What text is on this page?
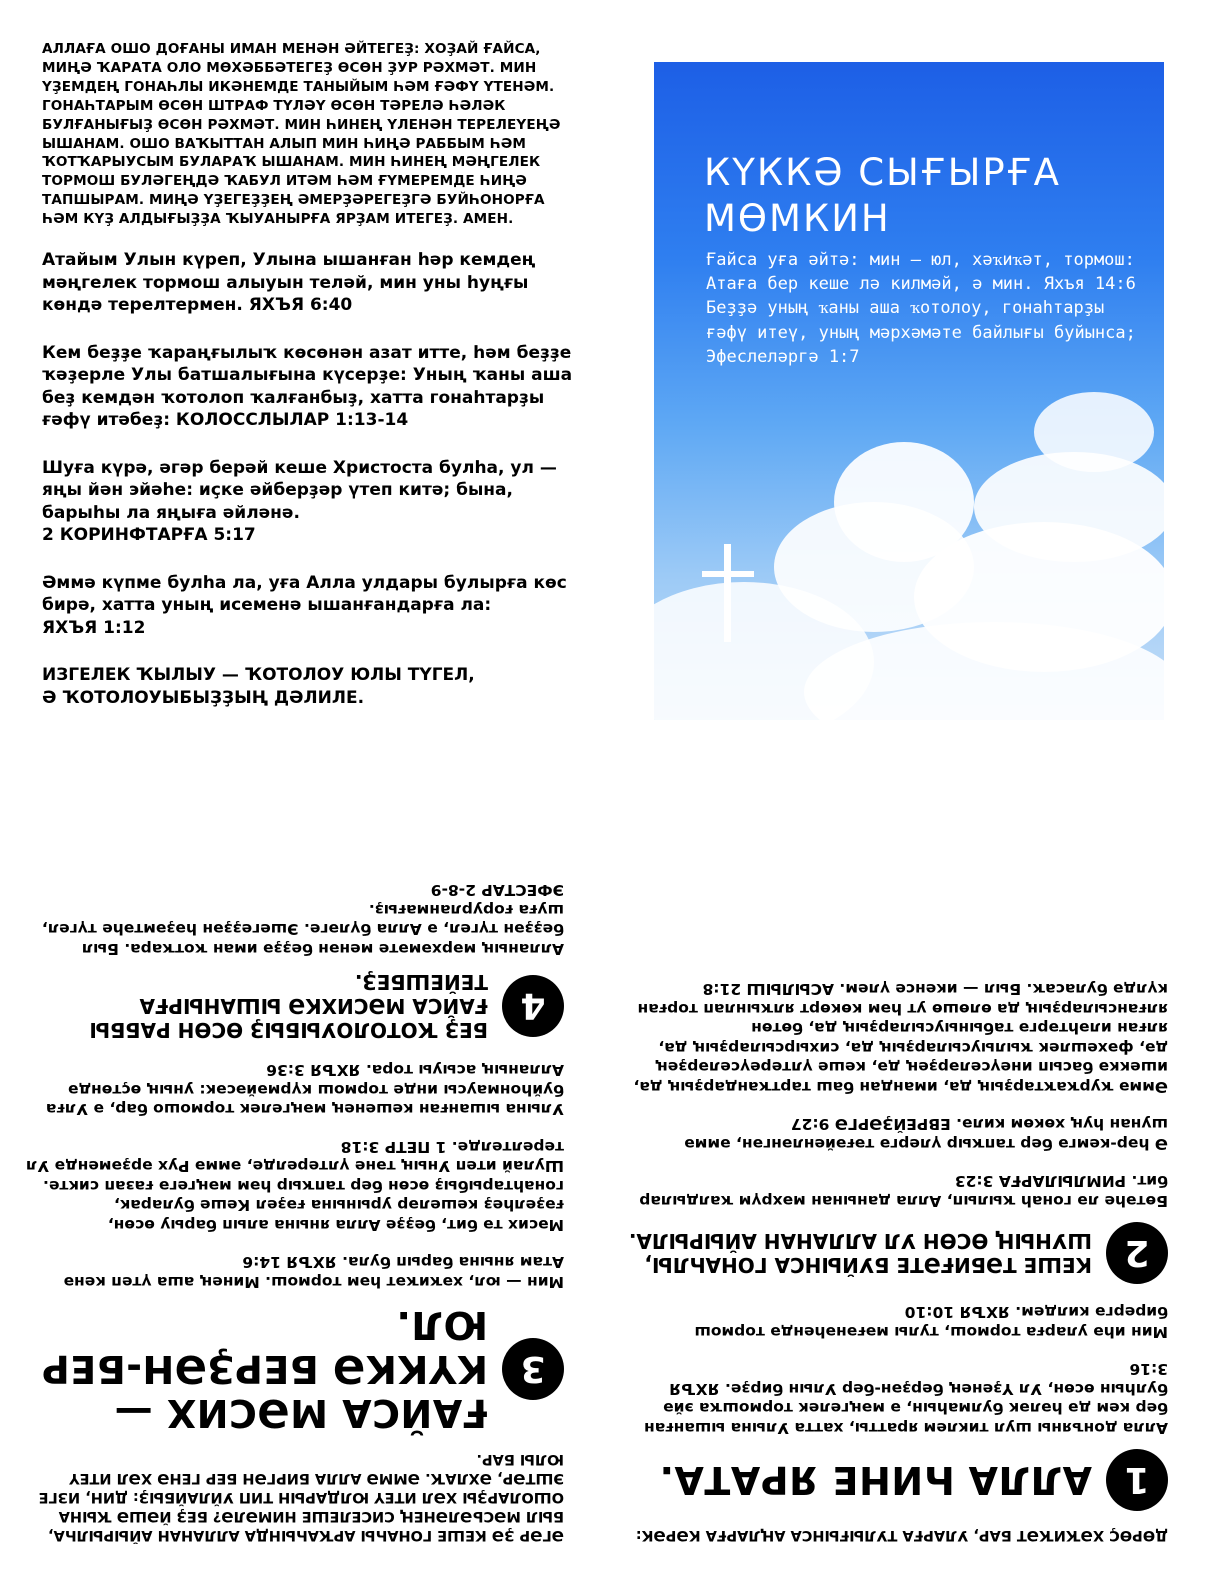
АЛЛАҒА ОШО ДОҒАНЫ ИМАН МЕНӘН ӘЙТЕГЕҘ: ХОҘАЙ ҒАЙСА, МИҢӘ ҠАРАТА ОЛО МӨХӘББӘТЕГЕҘ ӨСӨН ҘУР РӘХМӘТ. МИН ҮҘЕМДЕҢ ГОНАҺЛЫ ИКӘНЕМДЕ ТАНЫЙЫМ ҺӘМ ҒӘФҮ ҮТЕНӘМ. ГОНАҺТАРЫМ ӨСӨН ШТРАФ ТҮЛӘҮ ӨСӨН ТӘРЕЛӘ ҺӘЛӘК БУЛҒАНЫҒЫҘ ӨСӨН РӘХМӘТ. МИН ҺИНЕҢ ҮЛЕНӘН ТЕРЕЛЕҮЕҢӘ ЫШАНАМ. ОШО ВАҠЫТТАН АЛЫП МИН ҺИҢӘ РАББЫМ ҺӘМ ҠОТҠАРЫУСЫМ БУЛАРАҠ ЫШАНАМ. МИН ҺИНЕҢ МӘҢГЕЛЕК ТОРМОШ БУЛӘГЕҢДӘ ҠАБУЛ ИТӘМ ҺӘМ ҒҮМЕРЕМДЕ ҺИҢӘ ТАПШЫРАМ. МИҢӘ ҮҘЕГЕҘҘЕҢ ӘМЕРҘӘРЕГЕҘГӘ БУЙҺОНОРҒА ҺӘМ КҮҘ АЛДЫҒЫҘҘА ҠЫУАНЫРҒА ЯРҘАМ ИТЕГЕҘ. АМЕН.

Атайым Улын күреп, Улына ышанған һәр кемдең мәңгелек тормош алыуын теләй, мин уны һуңғы көндә терелтермен. ЯХЪЯ 6:40

Кем беҙҙе ҡараңғылыҡ көсөнән азат итте, һәм беҙҙе ҡәҙерле Улы батшалығына күсерҙе: Уның ҡаны аша беҙ кемдән ҡотолоп ҡалғанбыҙ, хатта гонаһтарҙы ғәфү итәбеҙ: КОЛОССЛЫЛАР 1:13-14

Шуға күрә, әгәр берәй кеше Христоста булһа, ул — яңы йән эйәһе: иҫке әйберҙәр үтеп китә; бына, барыһы ла яңыға әйләнә.
2 КОРИНФТАРҒА 5:17

Әммә күпме булһа ла, уға Алла улдары булырға көс бирә, хатта уның исеменә ышанғандарға ла:
ЯХЪЯ 1:12

ИЗГЕЛЕК ҠЫЛЫУ — ҠОТОЛОУ ЮЛЫ ТҮГЕЛ,
Ә ҠОТОЛОУЫБЫҘҘЫҢ ДӘЛИЛЕ.

КҮККӘ СЫҒЫРҒА МӨМКИН

Ғайса уға әйтә: мин — юл, хәҡиҡәт, тормош: Атаға бер кеше лә килмәй, ә мин. Яхъя 14:6
Беҙҙә уның ҡаны аша ҡотолоу, гонаһтарҙы ғәфү итеү, уның мәрхәмәте байлығы буйынса; Эфеслеләргә 1:7

ДӨРӨҪ ХӘҠИҠӘТ БАР, УЛАРҒА ТУЛЫҒЫНСА АҢЛАРҒА КӘРӘК:

1
АЛЛА ҺИНЕ ЯРАТА.

Алла донъяны шул тиклем яратты, хатта Улына ышанған бер кем дә һәләк булмаһын, ә мәңгелек тормошҡа эйә булһын өсөн, Ул Үҙенең берҙән-бер Улын бирҙе. ЯХЪЯ 3:16

Мин иһә уларға тормош, тулы мәғәнәһендә тормош бирергә килдем. ЯХЪЯ 10:10

2
КЕШЕ ТӘБИҒӘТЕ БУЙЫНСА ГОНАҺЛЫ, ШУНЫҢ ӨСӨН УЛ АЛЛАНАН АЙЫРЫЛА.

Бөтәһе лә гонаһ ҡылып, Алла данынан мәхрүм ҡалдылар бит. РИМЛЫЛАРҒА 3:23

Ә һәр-кемгә бер тапҡыр үлергә тәғәйенләнгән, әммә шунан һуң хөкөм килә. ЕВРЕЙҘӘРГӘ 9:27

Әммә ҡурҡаҡтарҙың да, имандан баш тартҡандарҙың да, ишеккә басып инеүселәрҙең дә, кеше үлтереүселәрҙең дә, фәхешлек ҡылыусыларҙың да, сихырсыларҙың да, ялған иләһтәргә табыныусыларҙың да, бөтөн ялғансыларҙың да өлөшө ут һәм көкөрт ялҡынлап торған күлдә буласаҡ. Был — икенсе үлем. АСЫЛЫШ 21:8

ӘГӘР ҘӘ КЕШЕ ГОНАҺЫ АРҠАҺЫНДА АЛЛАНАН АЙЫРЫЛҺА, БЫЛ МӘСЬӘЛӘНЕҢ СИСЕЛЕШЕ НИМӘЛӘ? БЕҘ ЙӘШӘ ҠЫНА ОШОЛАРҘЫ ХӘЛ ИТЕҮ ЮЛДАРЫН ТИП УЙЛАЙБЫҘ: ДИН, ИЗГЕ ЭШТӘР, ӘХЛАҠ. ӘММӘ АЛЛА БИРГӘН БЕР ГЕНӘ ХӘЛ ИТЕҮ ЮЛЫ БАР.

3
ҒАЙСА МӘСИХ — КҮККӘ БЕРҘӘН-БЕР ЮЛ.

Мин — юл, хәҡиҡәт һәм тормош. Минең аша үтеп кенә Атам янына барып була. ЯХЪЯ 14:6

Мәсих тә бит, беҙҙе Алла янына алып барыу өсөн, ғәҙелһеҙ кешеләр урынына ғәҙел Кеше буларак, гонаһтарыбыҙ өсөн бер тапҡыр һәм мәңгегә ғазап сикте. Шулай итеп Уның тәне үлтерелде, әммә Рух әрҙәмендә Ул терелтелде. 1 ПЕТР 3:18

Улына ышанған кешенең мәңгелек тормошо бар, ә Улға буйһонмаусы инде тормош күрмәйәсәк: уның өҫтөндә Алланың асыуы тора. ЯХЪЯ 3:36

4
БЕҘ ҠОТОЛОУЫБЫҘ ӨСӨН РАББЫ ҒАЙСА МӘСИХКӘ ЫШАНЫРҒА ТЕЙЕШБЕҘ.

Алланың мәрхәмәте менән беҙҙә иман ҡотҡара. Был беҙҙән түгел, ә Алла бүләге. Эшегеҙҙән һәҙәмтәһе түгел, шуға ғорурланмағыҙ.
ЭФЕСТАР 2-8-9
